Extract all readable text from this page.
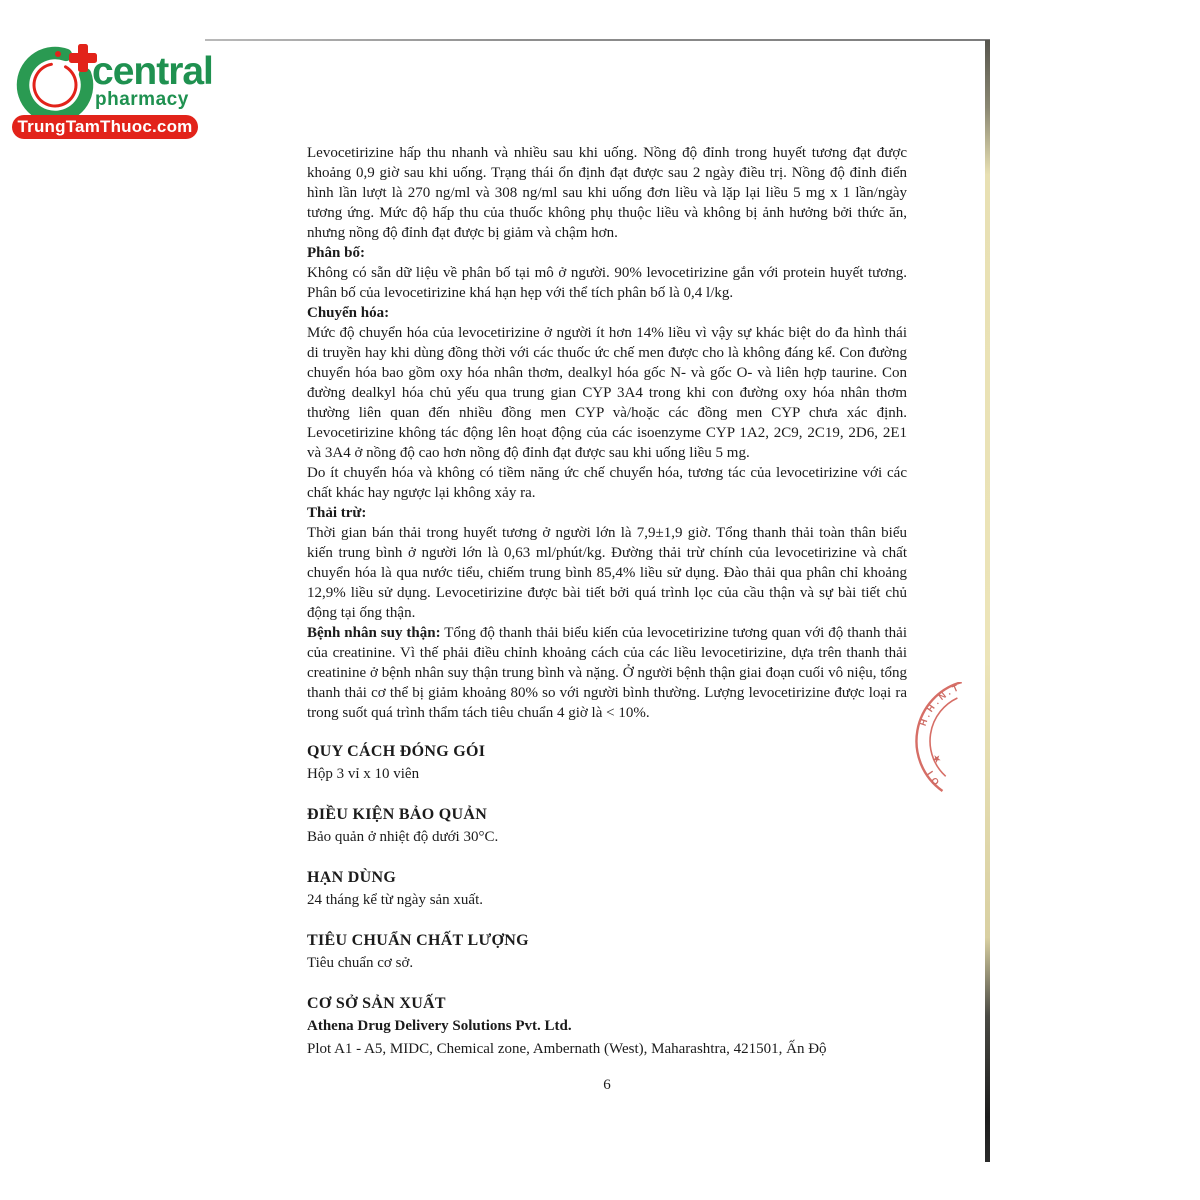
central
pharmacy
TrungTamThuoc.com
T
.
N
.
H
.
H
★
I
O

Levocetirizine hấp thu nhanh và nhiều sau khi uống. Nồng độ đỉnh trong huyết tương đạt được khoảng 0,9 giờ sau khi uống. Trạng thái ổn định đạt được sau 2 ngày điều trị. Nồng độ đỉnh điển hình lần lượt là 270 ng/ml và 308 ng/ml sau khi uống đơn liều và lặp lại liều 5 mg x 1 lần/ngày tương ứng. Mức độ hấp thu của thuốc không phụ thuộc liều và không bị ảnh hưởng bởi thức ăn, nhưng nồng độ đỉnh đạt được bị giảm và chậm hơn.

Phân bố:

Không có sẵn dữ liệu về phân bố tại mô ở người. 90% levocetirizine gắn với protein huyết tương. Phân bố của levocetirizine khá hạn hẹp với thể tích phân bố là 0,4 l/kg.

Chuyển hóa:

Mức độ chuyển hóa của levocetirizine ở người ít hơn 14% liều vì vậy sự khác biệt do đa hình thái di truyền hay khi dùng đồng thời với các thuốc ức chế men được cho là không đáng kể. Con đường chuyển hóa bao gồm oxy hóa nhân thơm, dealkyl hóa gốc N- và gốc O- và liên hợp taurine. Con đường dealkyl hóa chủ yếu qua trung gian CYP 3A4 trong khi con đường oxy hóa nhân thơm thường liên quan đến nhiều đồng men CYP và/hoặc các đồng men CYP chưa xác định. Levocetirizine không tác động lên hoạt động của các isoenzyme CYP 1A2, 2C9, 2C19, 2D6, 2E1 và 3A4 ở nồng độ cao hơn nồng độ đỉnh đạt được sau khi uống liều 5 mg.

Do ít chuyển hóa và không có tiềm năng ức chế chuyển hóa, tương tác của levocetirizine với các chất khác hay ngược lại không xảy ra.

Thải trừ:

Thời gian bán thải trong huyết tương ở người lớn là 7,9±1,9 giờ. Tổng thanh thải toàn thân biểu kiến trung bình ở người lớn là 0,63 ml/phút/kg. Đường thải trừ chính của levocetirizine và chất chuyển hóa là qua nước tiểu, chiếm trung bình 85,4% liều sử dụng. Đào thải qua phân chỉ khoảng 12,9% liều sử dụng. Levocetirizine được bài tiết bởi quá trình lọc của cầu thận và sự bài tiết chủ động tại ống thận.

Bệnh nhân suy thận: Tổng độ thanh thải biểu kiến của levocetirizine tương quan với độ thanh thải của creatinine. Vì thế phải điều chỉnh khoảng cách của các liều levocetirizine, dựa trên thanh thải creatinine ở bệnh nhân suy thận trung bình và nặng. Ở người bệnh thận giai đoạn cuối vô niệu, tổng thanh thải cơ thể bị giảm khoảng 80% so với người bình thường. Lượng levocetirizine được loại ra trong suốt quá trình thẩm tách tiêu chuẩn 4 giờ là < 10%.

QUY CÁCH ĐÓNG GÓI
Hộp 3 vỉ x 10 viên
ĐIỀU KIỆN BẢO QUẢN
Bảo quản ở nhiệt độ dưới 30°C.
HẠN DÙNG
24 tháng kể từ ngày sản xuất.
TIÊU CHUẨN CHẤT LƯỢNG
Tiêu chuẩn cơ sở.
CƠ SỞ SẢN XUẤT
Athena Drug Delivery Solutions Pvt. Ltd.
Plot A1 - A5, MIDC, Chemical zone, Ambernath (West), Maharashtra, 421501, Ấn Độ
6
